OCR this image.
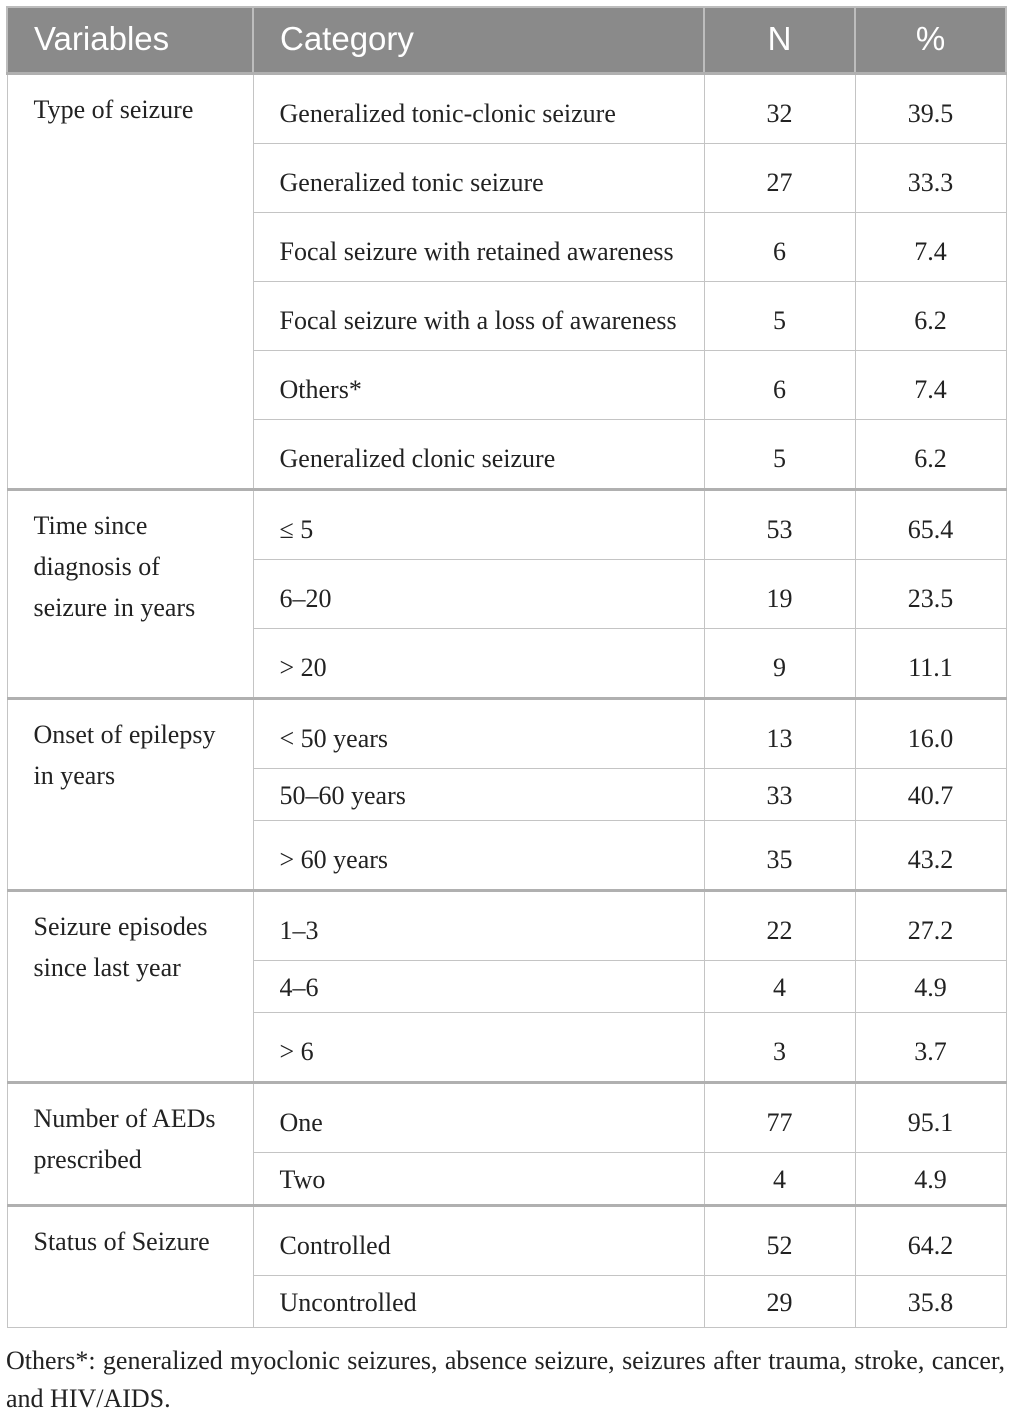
Variables	Category	N	%
Type of seizure	Generalized tonic-clonic seizure	32	39.5
	Generalized tonic seizure	27	33.3
	Focal seizure with retained awareness	6	7.4
	Focal seizure with a loss of awareness	5	6.2
	Others*	6	7.4
	Generalized clonic seizure	5	6.2
Time since diagnosis of seizure in years	≤ 5	53	65.4
	6–20	19	23.5
	> 20	9	11.1
Onset of epilepsy in years	< 50 years	13	16.0
	50–60 years	33	40.7
	> 60 years	35	43.2
Seizure episodes since last year	1–3	22	27.2
	4–6	4	4.9
	> 6	3	3.7
Number of AEDs prescribed	One	77	95.1
	Two	4	4.9
Status of Seizure	Controlled	52	64.2
	Uncontrolled	29	35.8

Others*: generalized myoclonic seizures, absence seizure, seizures after trauma, stroke, cancer, and HIV/AIDS.
